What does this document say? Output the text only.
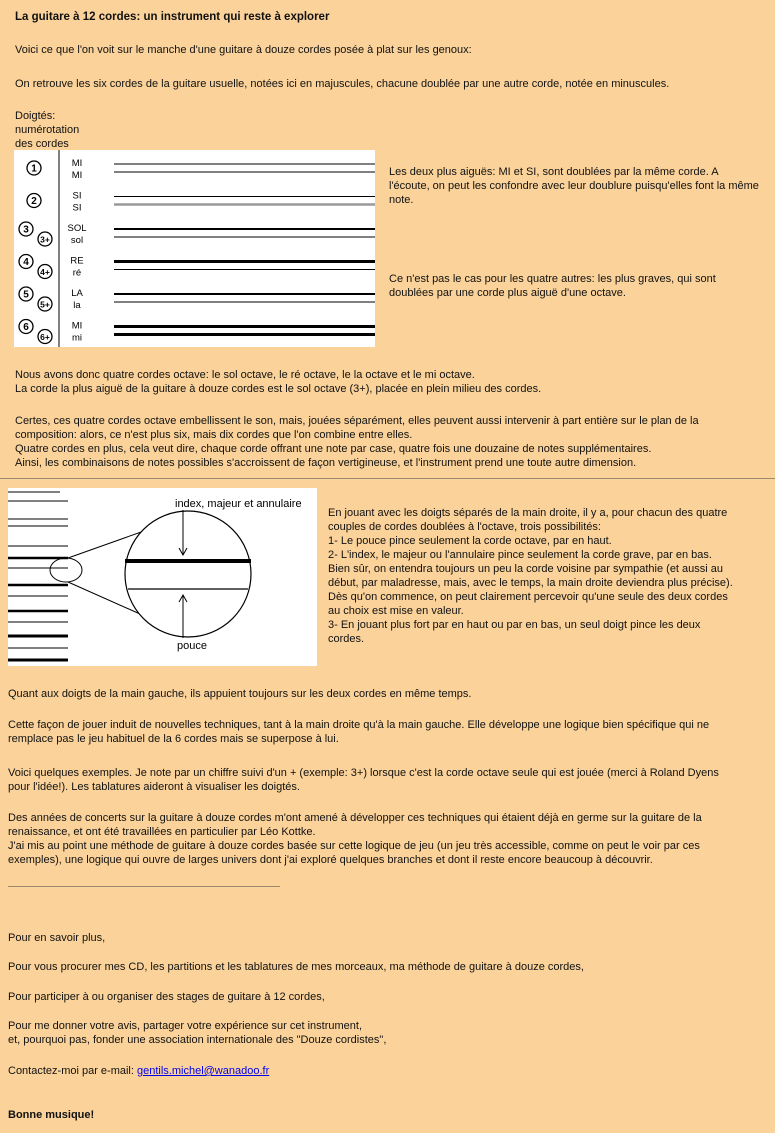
La guitare à 12 cordes: un instrument qui reste à explorer
Voici ce que l'on voit sur le manche d'une guitare à douze cordes posée à plat sur les genoux:
On retrouve les six cordes de la guitare usuelle, notées ici en majuscules, chacune doublée par une autre corde, notée en minuscules.
Doigtés:
numérotation
des cordes
1	MI
MI
2	SI
SI
3
3+
SOL
sol
4
4+
RE
ré
5
5+
LA
la
6
6+
MI
mi
Les deux plus aiguës: MI et SI, sont doublées par la même corde. A l'écoute, on peut les confondre avec leur doublure puisqu'elles font la même note.
Ce n'est pas le cas pour les quatre autres: les plus graves, qui sont doublées par une corde plus aiguë d'une octave.
Nous avons donc quatre cordes octave: le sol octave, le ré octave, le la octave et le mi octave.
La corde la plus aiguë de la guitare à douze cordes est le sol octave (3+), placée en plein milieu des cordes.
Certes, ces quatre cordes octave embellissent le son, mais, jouées séparément, elles peuvent aussi intervenir à part entière sur le plan de la
composition: alors, ce n'est plus six, mais dix cordes que l'on combine entre elles.
Quatre cordes en plus, cela veut dire, chaque corde offrant une note par case, quatre fois une douzaine de notes supplémentaires.
Ainsi, les combinaisons de notes possibles s'accroissent de façon vertigineuse, et l'instrument prend une toute autre dimension.
index, majeur et annulaire
pouce
En jouant avec les doigts séparés de la main droite, il y a, pour chacun des quatre
couples de cordes doublées à l'octave, trois possibilités:
1- Le pouce pince seulement la corde octave, par en haut.
2- L'index, le majeur ou l'annulaire pince seulement la corde grave, par en bas.
Bien sûr, on entendra toujours un peu la corde voisine par sympathie (et aussi au
début, par maladresse, mais, avec le temps, la main droite deviendra plus précise).
Dès qu'on commence, on peut clairement percevoir qu'une seule des deux cordes
au choix est mise en valeur.
3- En jouant plus fort par en haut ou par en bas, un seul doigt pince les deux
cordes.
Quant aux doigts de la main gauche, ils appuient toujours sur les deux cordes en même temps.
Cette façon de jouer induit de nouvelles techniques, tant à la main droite qu'à la main gauche. Elle développe une logique bien spécifique qui ne
remplace pas le jeu habituel de la 6 cordes mais se superpose à lui.
Voici quelques exemples. Je note par un chiffre suivi d'un + (exemple: 3+) lorsque c'est la corde octave seule qui est jouée (merci à Roland Dyens
pour l'idée!). Les tablatures aideront à visualiser les doigtés.
Des années de concerts sur la guitare à douze cordes m'ont amené à développer ces techniques qui étaient déjà en germe sur la guitare de la
renaissance, et ont été travaillées en particulier par Léo Kottke.
J'ai mis au point une méthode de guitare à douze cordes basée sur cette logique de jeu (un jeu très accessible, comme on peut le voir par ces
exemples), une logique qui ouvre de larges univers dont j'ai exploré quelques branches et dont il reste encore beaucoup à découvrir.
Pour en savoir plus,
Pour vous procurer mes CD, les partitions et les tablatures de mes morceaux, ma méthode de guitare à douze cordes,
Pour participer à ou organiser des stages de guitare à 12 cordes,
Pour me donner votre avis, partager votre expérience sur cet instrument,
et, pourquoi pas, fonder une association internationale des "Douze cordistes",
Contactez-moi par e-mail: gentils.michel@wanadoo.fr
Bonne musique!
